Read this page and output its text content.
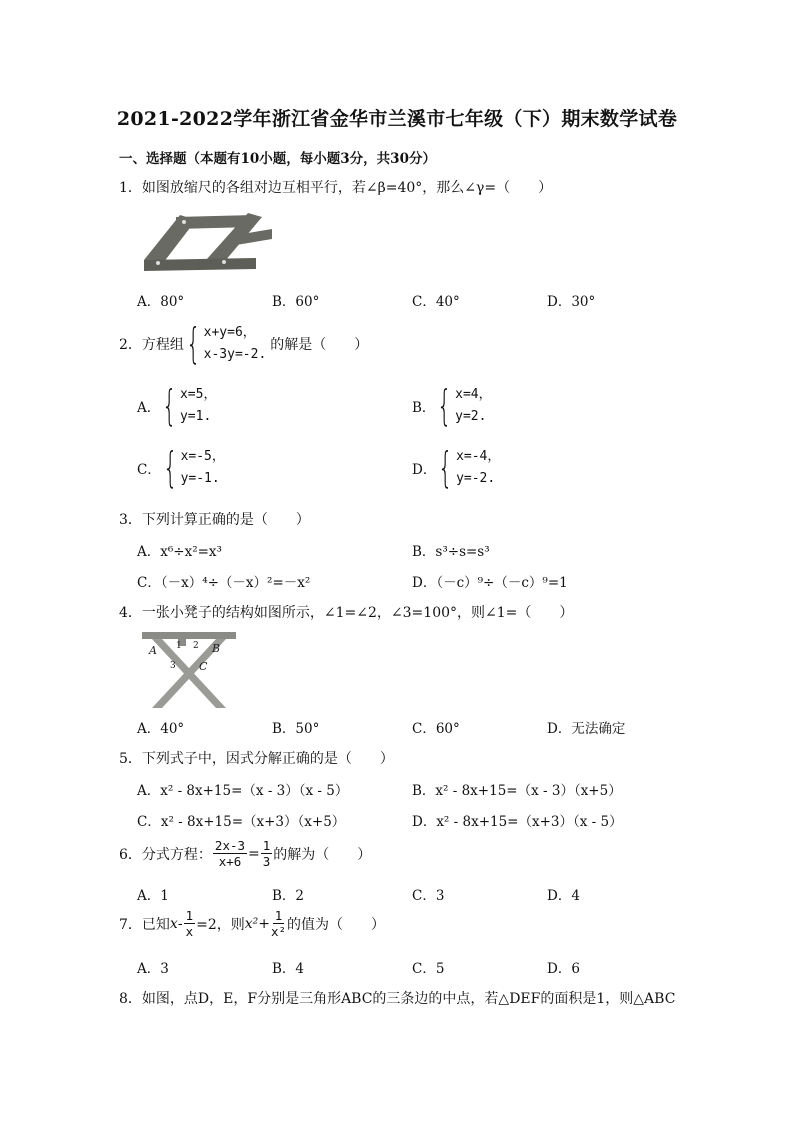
2021-2022学年浙江省金华市兰溪市七年级（下）期末数学试卷
一、选择题（本题有10小题，每小题3分，共30分）
1．如图放缩尺的各组对边互相平行，若∠β=40°，那么∠γ=（　　）
A．80°	B．60°	C．40°	D．30°
2．方程组 { x+y=6，
x-3y=-2.
的解是（　　）
A． { x=5，
y=1.
B． { x=4，
y=2.
C． { x=-5，
y=-1.
D． { x=-4，
y=-2.
3．下列计算正确的是（　　）
A．x⁶÷x²=x³	B．s³÷s=s³
C．（－x）⁴÷（－x）²=－x²	D．（－c）⁹÷（－c）⁹=1
4．一张小凳子的结构如图所示，∠1=∠2，∠3=100°，则∠1=（　　）
A	B
C
1 2
3
A．40°	B．50°	C．60°	D．无法确定
5．下列式子中，因式分解正确的是（　　）
A．x² - 8x+15=（x - 3）（x - 5）	B．x² - 8x+15=（x - 3）（x+5）
C．x² - 8x+15=（x+3）（x+5）	D．x² - 8x+15=（x+3）（x - 5）
6．分式方程： $\frac{2x-3}{x+6} = \frac{1}{3}$ 的解为（　　）
A．1	B．2	C．3	D．4
7．已知 $x - \frac{1}{x} =2$，则 $x^2+ \frac{1}{\text{x²}}$ 的值为（　　）
A．3	B．4	C．5	D．6
8．如图，点D，E，F分别是三角形ABC的三条边的中点，若△DEF的面积是1，则△ABC
